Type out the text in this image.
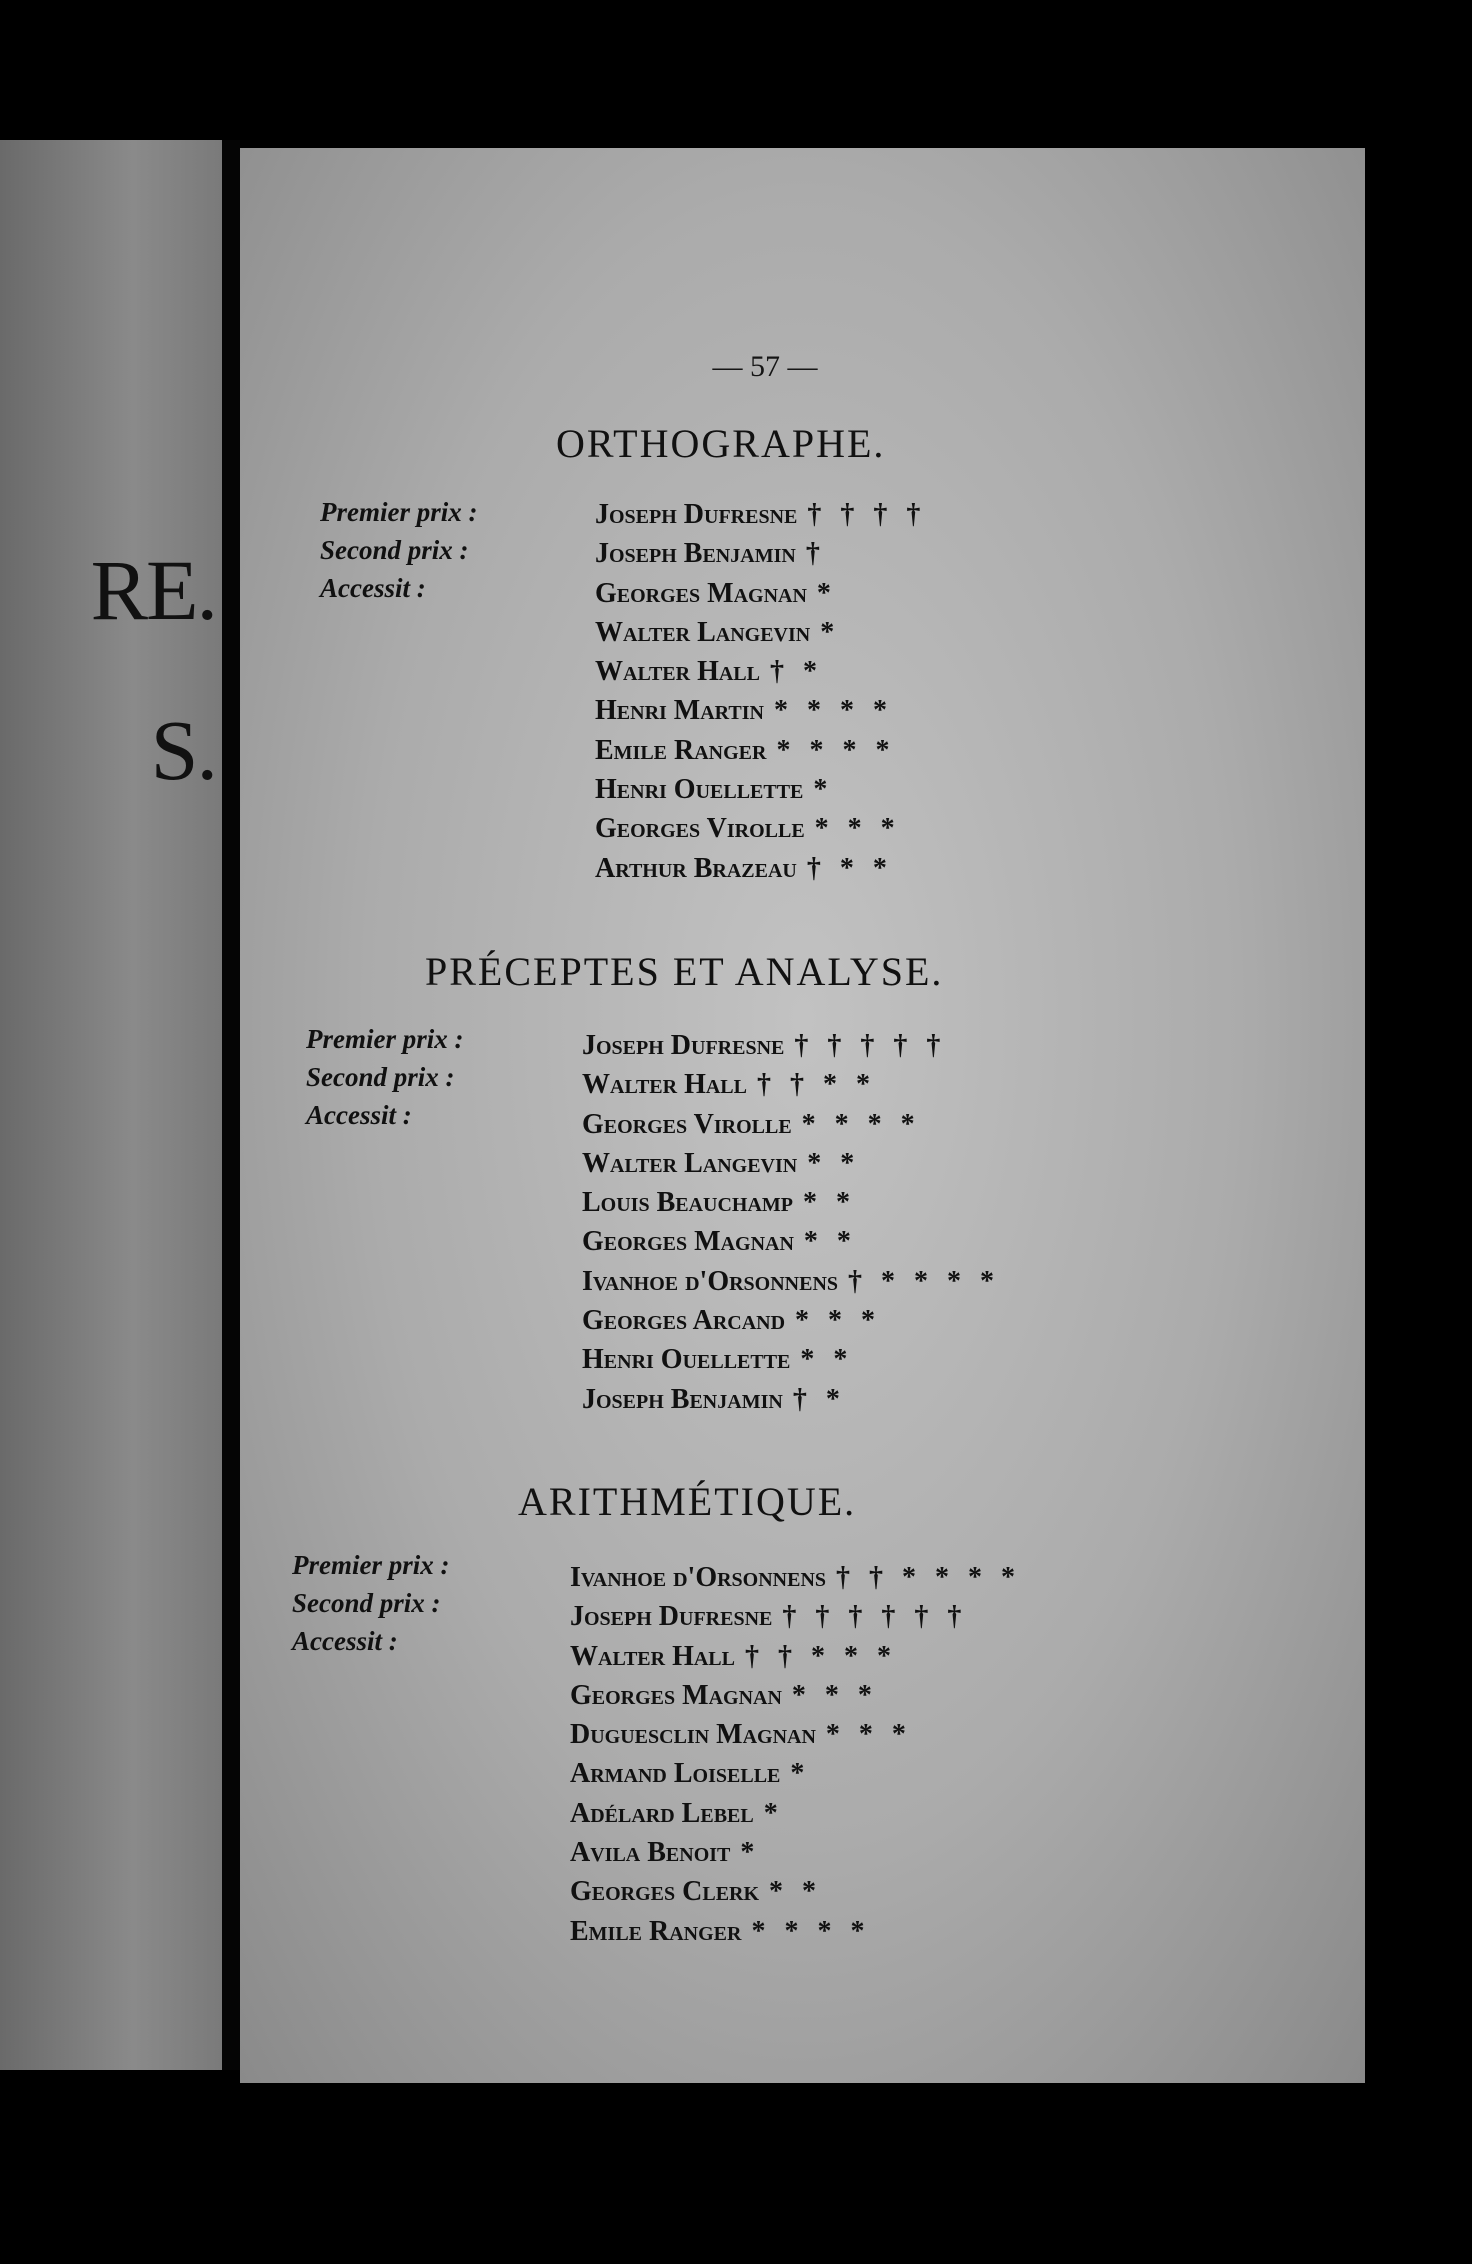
RE.
S.
— 57 —
ORTHOGRAPHE.
Premier prix :
Second prix :
Accessit :
Joseph Dufresne † † † †
Joseph Benjamin †
Georges Magnan *
Walter Langevin *
Walter Hall † *
Henri Martin * * * *
Emile Ranger * * * *
Henri Ouellette *
Georges Virolle * * *
Arthur Brazeau † * *
PRÉCEPTES ET ANALYSE.
Premier prix :
Second prix :
Accessit :
Joseph Dufresne † † † † †
Walter Hall † † * *
Georges Virolle * * * *
Walter Langevin * *
Louis Beauchamp * *
Georges Magnan * *
Ivanhoe d'Orsonnens † * * * *
Georges Arcand * * *
Henri Ouellette * *
Joseph Benjamin † *
ARITHMÉTIQUE.
Premier prix :
Second prix :
Accessit :
Ivanhoe d'Orsonnens † † * * * *
Joseph Dufresne † † † † † †
Walter Hall † † * * *
Georges Magnan * * *
Duguesclin Magnan * * *
Armand Loiselle *
Adélard Lebel *
Avila Benoit *
Georges Clerk * *
Emile Ranger * * * *
